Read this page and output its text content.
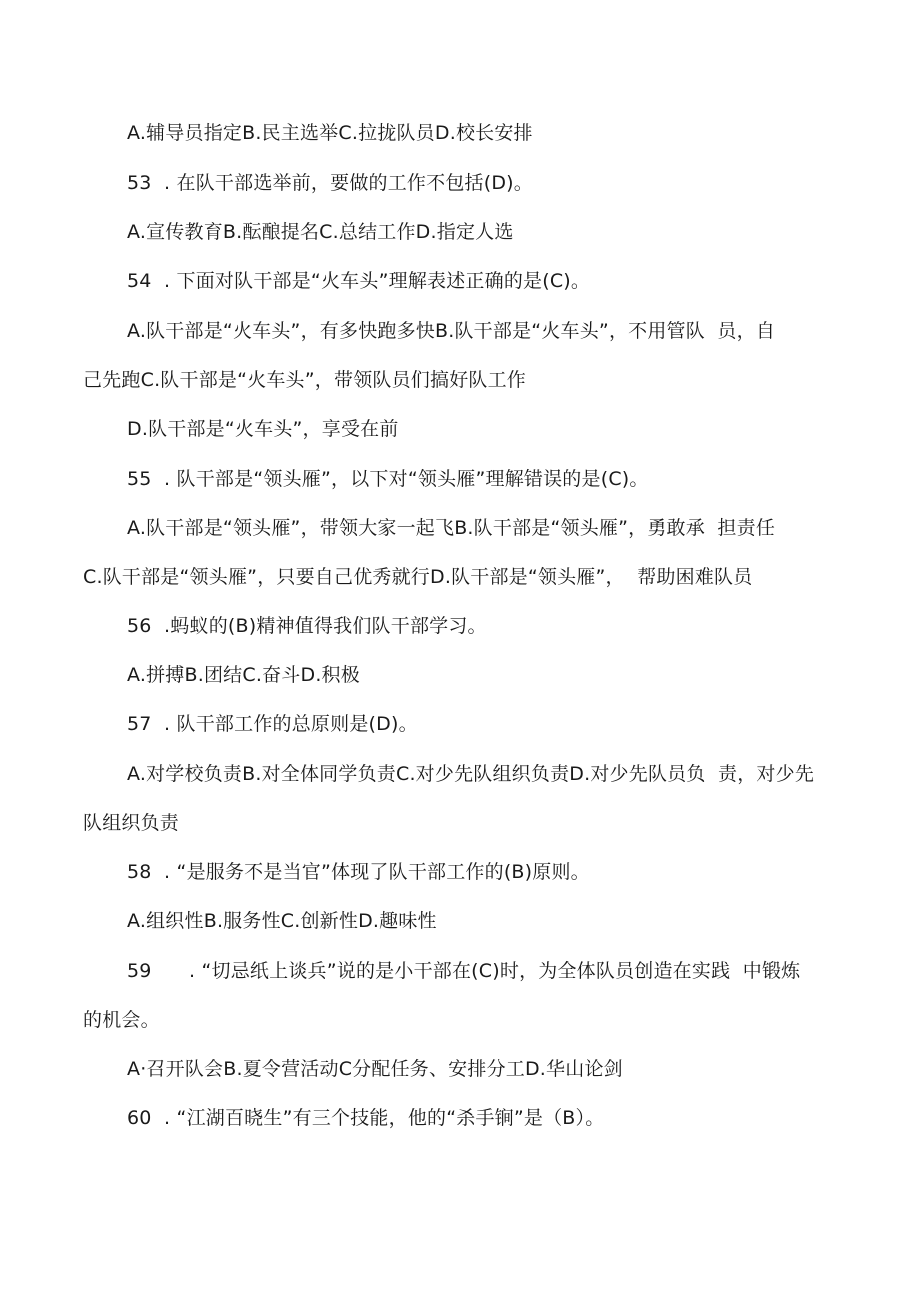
A.辅导员指定B.民主选举C.拉拢队员D.校长安排
53  . 在队干部选举前，要做的工作不包括(D)。
A.宣传教育B.酝酿提名C.总结工作D.指定人选
54  . 下面对队干部是“火车头”理解表述正确的是(C)。
A.队干部是“火车头”，有多快跑多快B.队干部是“火车头”，不用管队  员，自
己先跑C.队干部是“火车头”，带领队员们搞好队工作
D.队干部是“火车头”，享受在前
55  . 队干部是“领头雁”，以下对“领头雁”理解错误的是(C)。
A.队干部是“领头雁”，带领大家一起飞B.队干部是“领头雁”，勇敢承  担责任
C.队干部是“领头雁”，只要自己优秀就行D.队干部是“领头雁”，  帮助困难队员
56  .蚂蚁的(B)精神值得我们队干部学习。
A.拼搏B.团结C.奋斗D.积极
57  . 队干部工作的总原则是(D)。
A.对学校负责B.对全体同学负责C.对少先队组织负责D.对少先队员负  责，对少先
队组织负责
58  . “是服务不是当官”体现了队干部工作的(B)原则。
A.组织性B.服务性C.创新性D.趣味性
59      . “切忌纸上谈兵”说的是小干部在(C)时，为全体队员创造在实践  中锻炼
的机会。
A·召开队会B.夏令营活动C分配任务、安排分工D.华山论剑
60  . “江湖百晓生”有三个技能，他的“杀手锏”是（B）。
